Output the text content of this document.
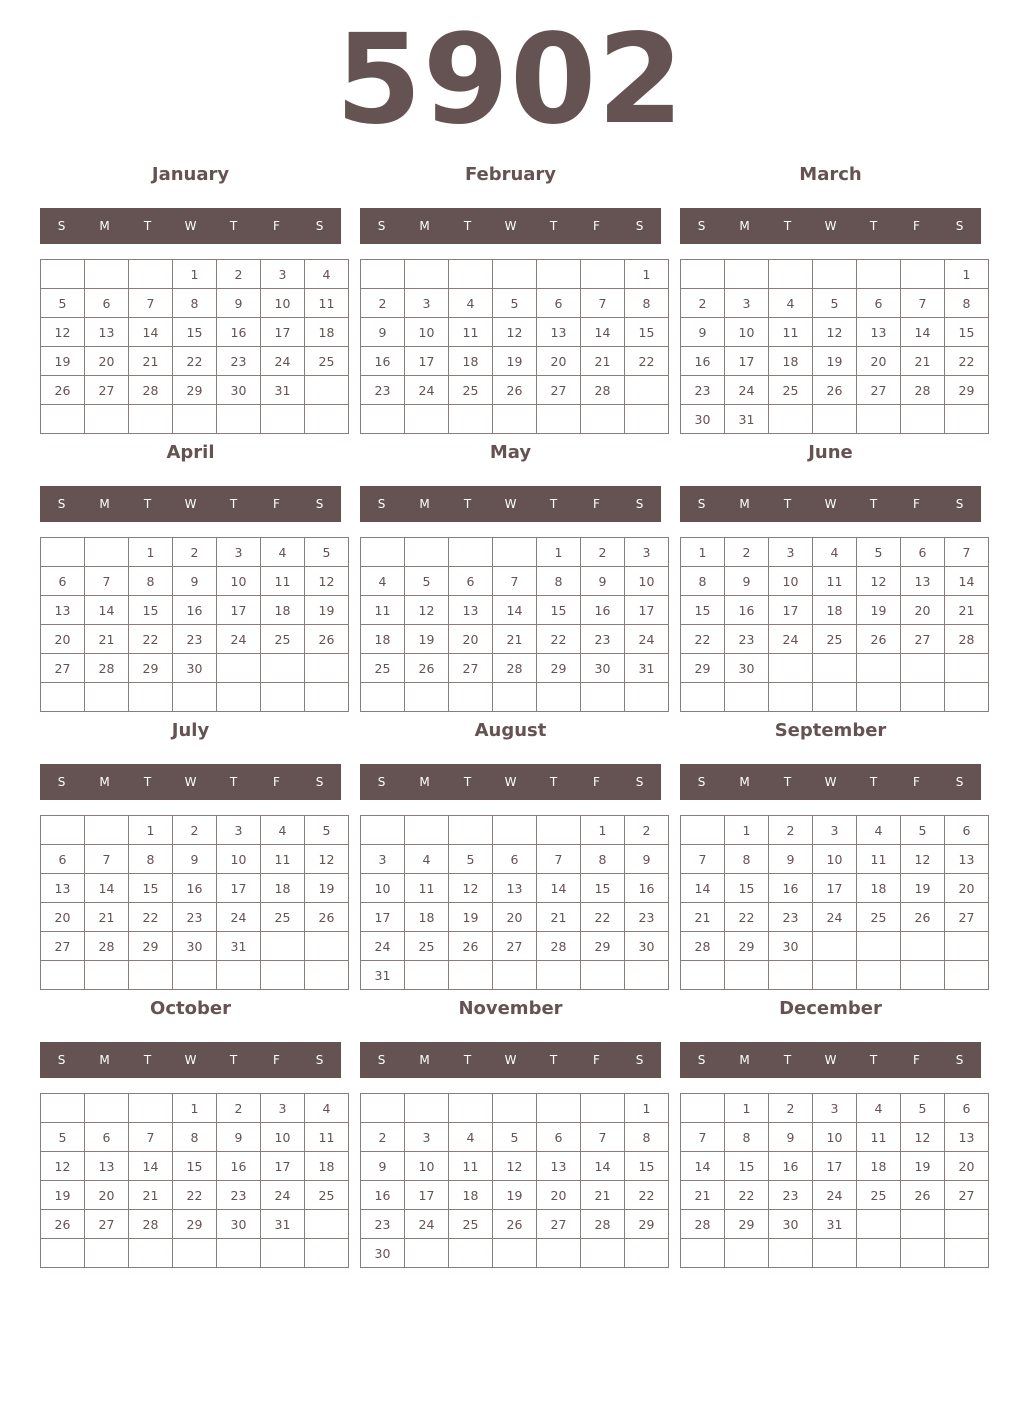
5902
January
S	M	T	W	T	F	S
			1	2	3	4
5	6	7	8	9	10	11
12	13	14	15	16	17	18
19	20	21	22	23	24	25
26	27	28	29	30	31	

February
S	M	T	W	T	F	S
						1
2	3	4	5	6	7	8
9	10	11	12	13	14	15
16	17	18	19	20	21	22
23	24	25	26	27	28	

March
S	M	T	W	T	F	S
						1
2	3	4	5	6	7	8
9	10	11	12	13	14	15
16	17	18	19	20	21	22
23	24	25	26	27	28	29
30	31					
April
S	M	T	W	T	F	S
		1	2	3	4	5
6	7	8	9	10	11	12
13	14	15	16	17	18	19
20	21	22	23	24	25	26
27	28	29	30			

May
S	M	T	W	T	F	S
				1	2	3
4	5	6	7	8	9	10
11	12	13	14	15	16	17
18	19	20	21	22	23	24
25	26	27	28	29	30	31

June
S	M	T	W	T	F	S
1	2	3	4	5	6	7
8	9	10	11	12	13	14
15	16	17	18	19	20	21
22	23	24	25	26	27	28
29	30					

July
S	M	T	W	T	F	S
		1	2	3	4	5
6	7	8	9	10	11	12
13	14	15	16	17	18	19
20	21	22	23	24	25	26
27	28	29	30	31		

August
S	M	T	W	T	F	S
					1	2
3	4	5	6	7	8	9
10	11	12	13	14	15	16
17	18	19	20	21	22	23
24	25	26	27	28	29	30
31						
September
S	M	T	W	T	F	S
	1	2	3	4	5	6
7	8	9	10	11	12	13
14	15	16	17	18	19	20
21	22	23	24	25	26	27
28	29	30				

October
S	M	T	W	T	F	S
			1	2	3	4
5	6	7	8	9	10	11
12	13	14	15	16	17	18
19	20	21	22	23	24	25
26	27	28	29	30	31	

November
S	M	T	W	T	F	S
						1
2	3	4	5	6	7	8
9	10	11	12	13	14	15
16	17	18	19	20	21	22
23	24	25	26	27	28	29
30						
December
S	M	T	W	T	F	S
	1	2	3	4	5	6
7	8	9	10	11	12	13
14	15	16	17	18	19	20
21	22	23	24	25	26	27
28	29	30	31			
